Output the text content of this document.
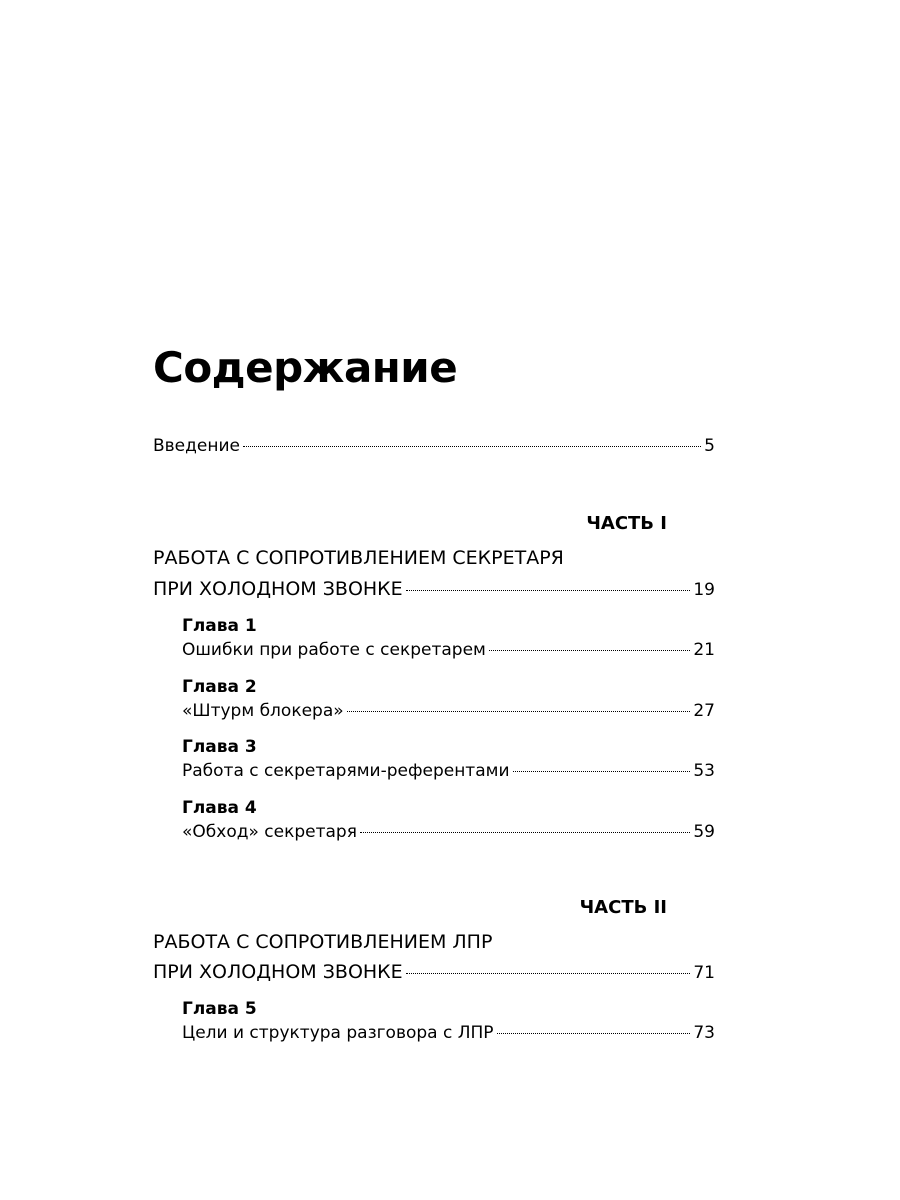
Содержание
Введение	5
ЧАСТЬ I
РАБОТА С СОПРОТИВЛЕНИЕМ СЕКРЕТАРЯ
ПРИ ХОЛОДНОМ ЗВОНКЕ	19
Глава 1
Ошибки при работе с секретарем	21
Глава 2
«Штурм блокера»	27
Глава 3
Работа с секретарями-референтами	53
Глава 4
«Обход» секретаря	59
ЧАСТЬ II
РАБОТА С СОПРОТИВЛЕНИЕМ ЛПР
ПРИ ХОЛОДНОМ ЗВОНКЕ	71
Глава 5
Цели и структура разговора с ЛПР	73
